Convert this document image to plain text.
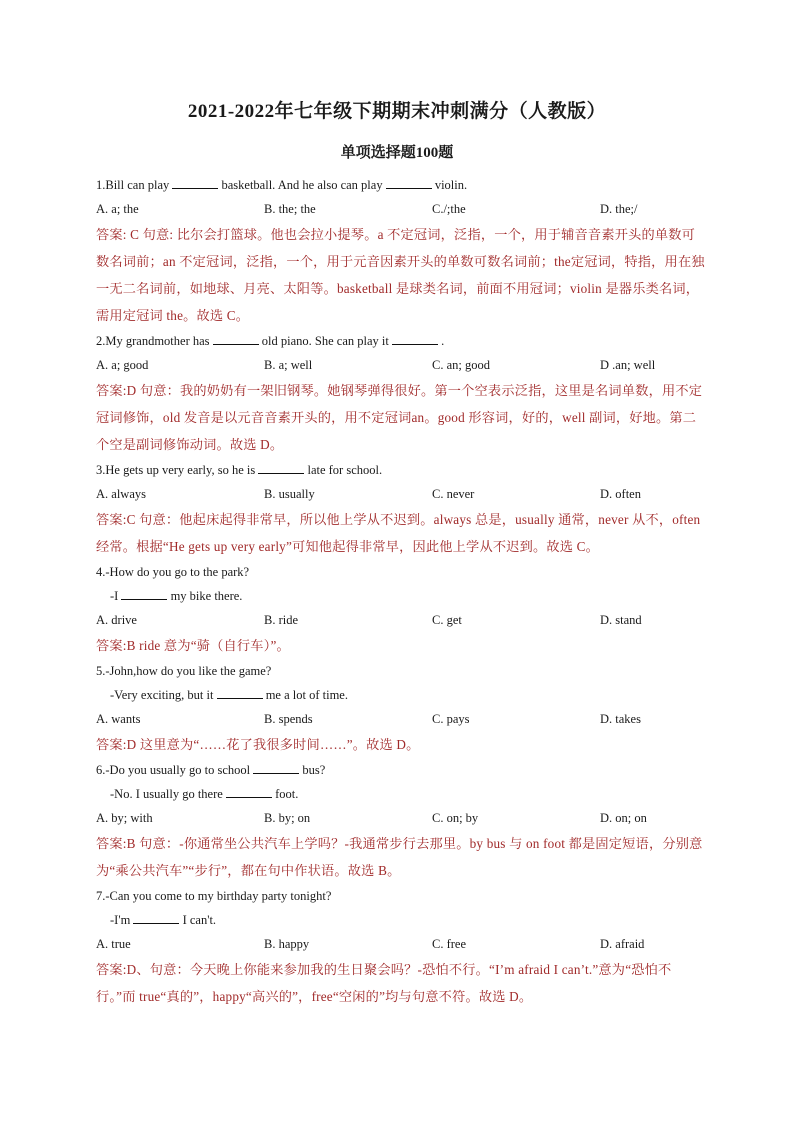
2021-2022年七年级下期期末冲刺满分（人教版）
单项选择题100题
1.Bill can play	basketball. And he also can play	violin.
A. a; the	B. the; the	C./;the	D. the;/
答案: C 句意: 比尔会打篮球。他也会拉小提琴。a 不定冠词，泛指，一个，用于辅音音素开头的单数可数名词前；an 不定冠词，泛指，一个，用于元音因素开头的单数可数名词前；the定冠词，特指，用在独一无二名词前，如地球、月亮、太阳等。basketball 是球类名词，前面不用冠词；violin 是器乐类名词，需用定冠词 the。故选 C。
2.My grandmother has	old piano. She can play it	.
A. a; good	B. a; well	C. an; good	D .an; well
答案:D 句意：我的奶奶有一架旧钢琴。她钢琴弹得很好。第一个空表示泛指，这里是名词单数，用不定冠词修饰，old 发音是以元音音素开头的，用不定冠词an。good 形容词，好的，well 副词，好地。第二个空是副词修饰动词。故选 D。
3.He gets up very early, so he is	late for school.
A. always	B. usually	C. never	D. often
答案:C 句意：他起床起得非常早，所以他上学从不迟到。always 总是，usually 通常，never 从不，often 经常。根据“He gets up very early”可知他起得非常早，因此他上学从不迟到。故选 C。
4.-How do you go to the park?
-I	my bike there.
A. drive	B. ride	C. get	D. stand
答案:B ride 意为“骑（自行车）”。
5.-John,how do you like the game?
-Very exciting, but it	me a lot of time.
A. wants	B. spends	C. pays	D. takes
答案:D 这里意为“……花了我很多时间……”。故选 D。
6.-Do you usually go to school	bus?
-No. I usually go there	foot.
A. by; with	B. by; on	C. on; by	D. on; on
答案:B 句意：-你通常坐公共汽车上学吗？-我通常步行去那里。by bus 与 on foot 都是固定短语，分别意为“乘公共汽车”“步行”，都在句中作状语。故选 B。
7.-Can you come to my birthday party tonight?
-I'm	I can't.
A. true	B. happy	C. free	D. afraid
答案:D、句意：今天晚上你能来参加我的生日聚会吗？-恐怕不行。“I’m afraid I can’t.”意为“恐怕不行。”而 true“真的”，happy“高兴的”，free“空闲的”均与句意不符。故选 D。
